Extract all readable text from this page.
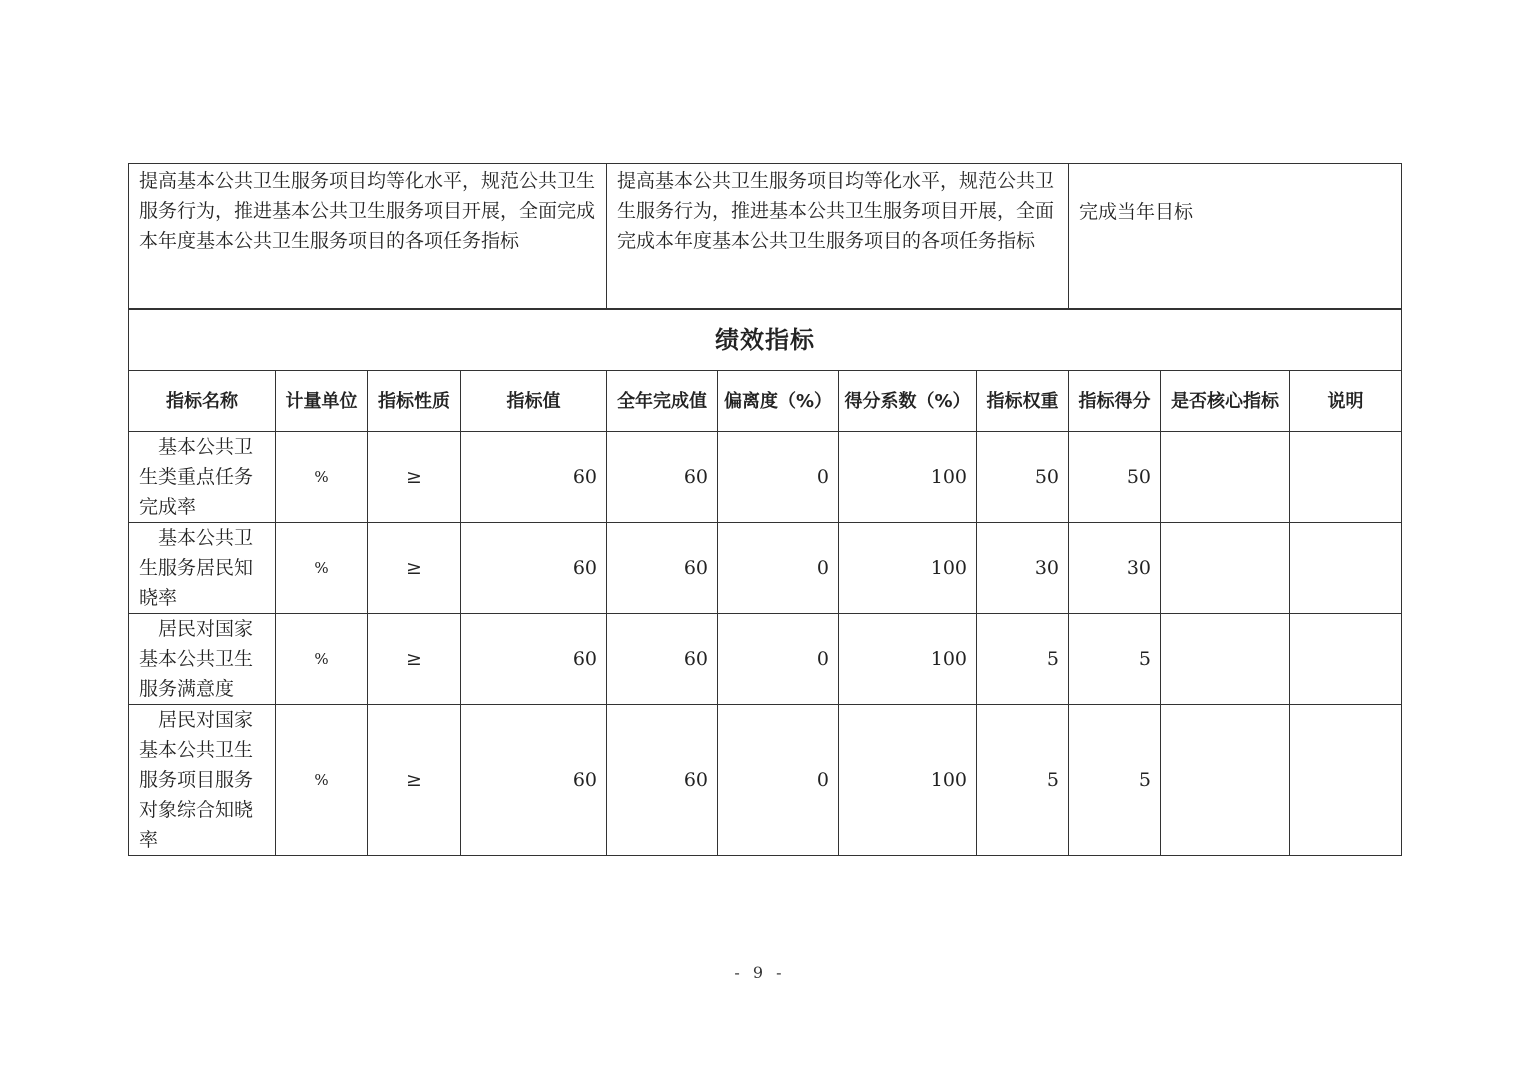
提高基本公共卫生服务项目均等化水平，规范公共卫生服务行为，推进基本公共卫生服务项目开展，全面完成本年度基本公共卫生服务项目的各项任务指标	提高基本公共卫生服务项目均等化水平，规范公共卫生服务行为，推进基本公共卫生服务项目开展，全面完成本年度基本公共卫生服务项目的各项任务指标	完成当年目标
绩效指标										
指标名称	计量单位	指标性质	指标值	全年完成值	偏离度（%）	得分系数（%）	指标权重	指标得分	是否核心指标	说明
基本公共卫生类重点任务完成率	%	≥	60	60	0	100	50	50		
基本公共卫生服务居民知晓率	%	≥	60	60	0	100	30	30		
居民对国家基本公共卫生服务满意度	%	≥	60	60	0	100	5	5		
居民对国家基本公共卫生服务项目服务对象综合知晓率	%	≥	60	60	0	100	5	5		
- 9 -
